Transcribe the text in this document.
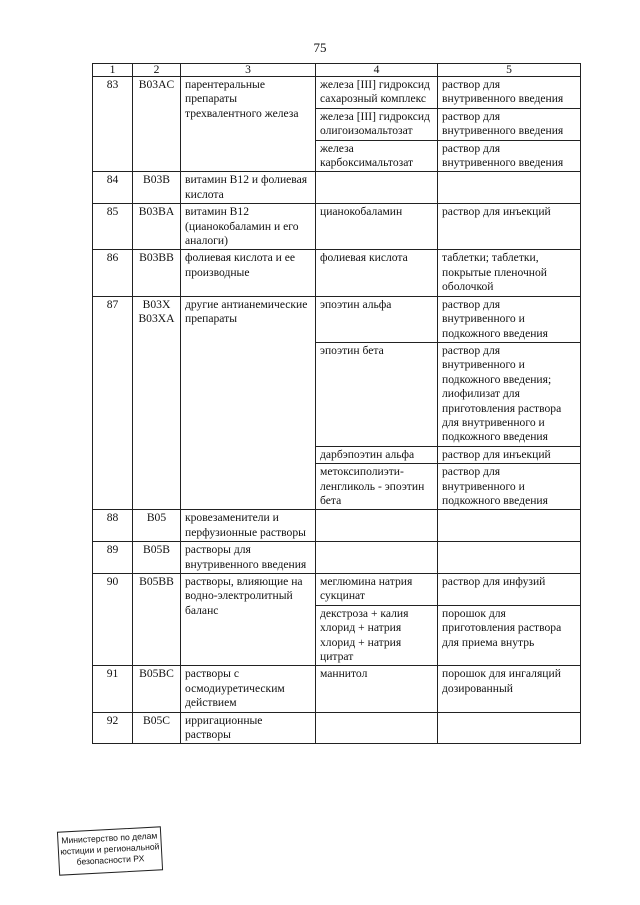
75
1	2	3	4	5
83	B03AC	парентеральные препараты трехвалентного железа	железа [III] гидроксид сахарозный комплекс	раствор для внутривенного введения
			железа [III] гидроксид олигоизомальтозат	раствор для внутривенного введения
			железа карбоксимальтозат	раствор для внутривенного введения
84	B03B	витамин B12 и фолиевая кислота		
85	B03BA	витамин B12 (цианокобаламин и его аналоги)	цианокобаламин	раствор для инъекций
86	B03BB	фолиевая кислота и ее производные	фолиевая кислота	таблетки; таблетки, покрытые пленочной оболочкой
87	B03X B03XA	другие антианемические препараты	эпоэтин альфа	раствор для внутривенного и подкожного введения
			эпоэтин бета	раствор для внутривенного и подкожного введения; лиофилизат для приготовления раствора для внутривенного и подкожного введения
			дарбэпоэтин альфа	раствор для инъекций
			метоксиполиэти-ленгликоль - эпоэтин бета	раствор для внутривенного и подкожного введения
88	B05	кровезаменители и перфузионные растворы		
89	B05B	растворы для внутривенного введения		
90	B05BB	растворы, влияющие на водно-электролитный баланс	меглюмина натрия сукцинат	раствор для инфузий
			декстроза + калия хлорид + натрия хлорид + натрия цитрат	порошок для приготовления раствора для приема внутрь
91	B05BC	растворы с осмодиуретическим действием	маннитол	порошок для ингаляций дозированный
92	B05C	ирригационные растворы		
Министерство по делам
юстиции и региональной
безопасности РХ
